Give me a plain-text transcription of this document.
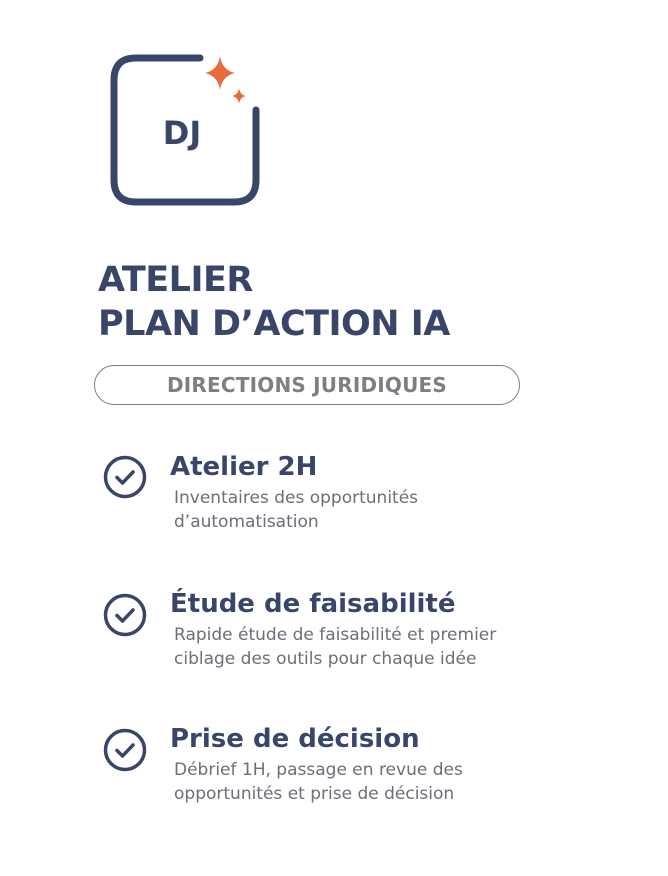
DJ
ATELIER
PLAN D’ACTION IA
DIRECTIONS JURIDIQUES

Atelier 2H

Inventaires des opportunités
d’automatisation

Étude de faisabilité

Rapide étude de faisabilité et premier
ciblage des outils pour chaque idée

Prise de décision

Débrief 1H, passage en revue des
opportunités et prise de décision
